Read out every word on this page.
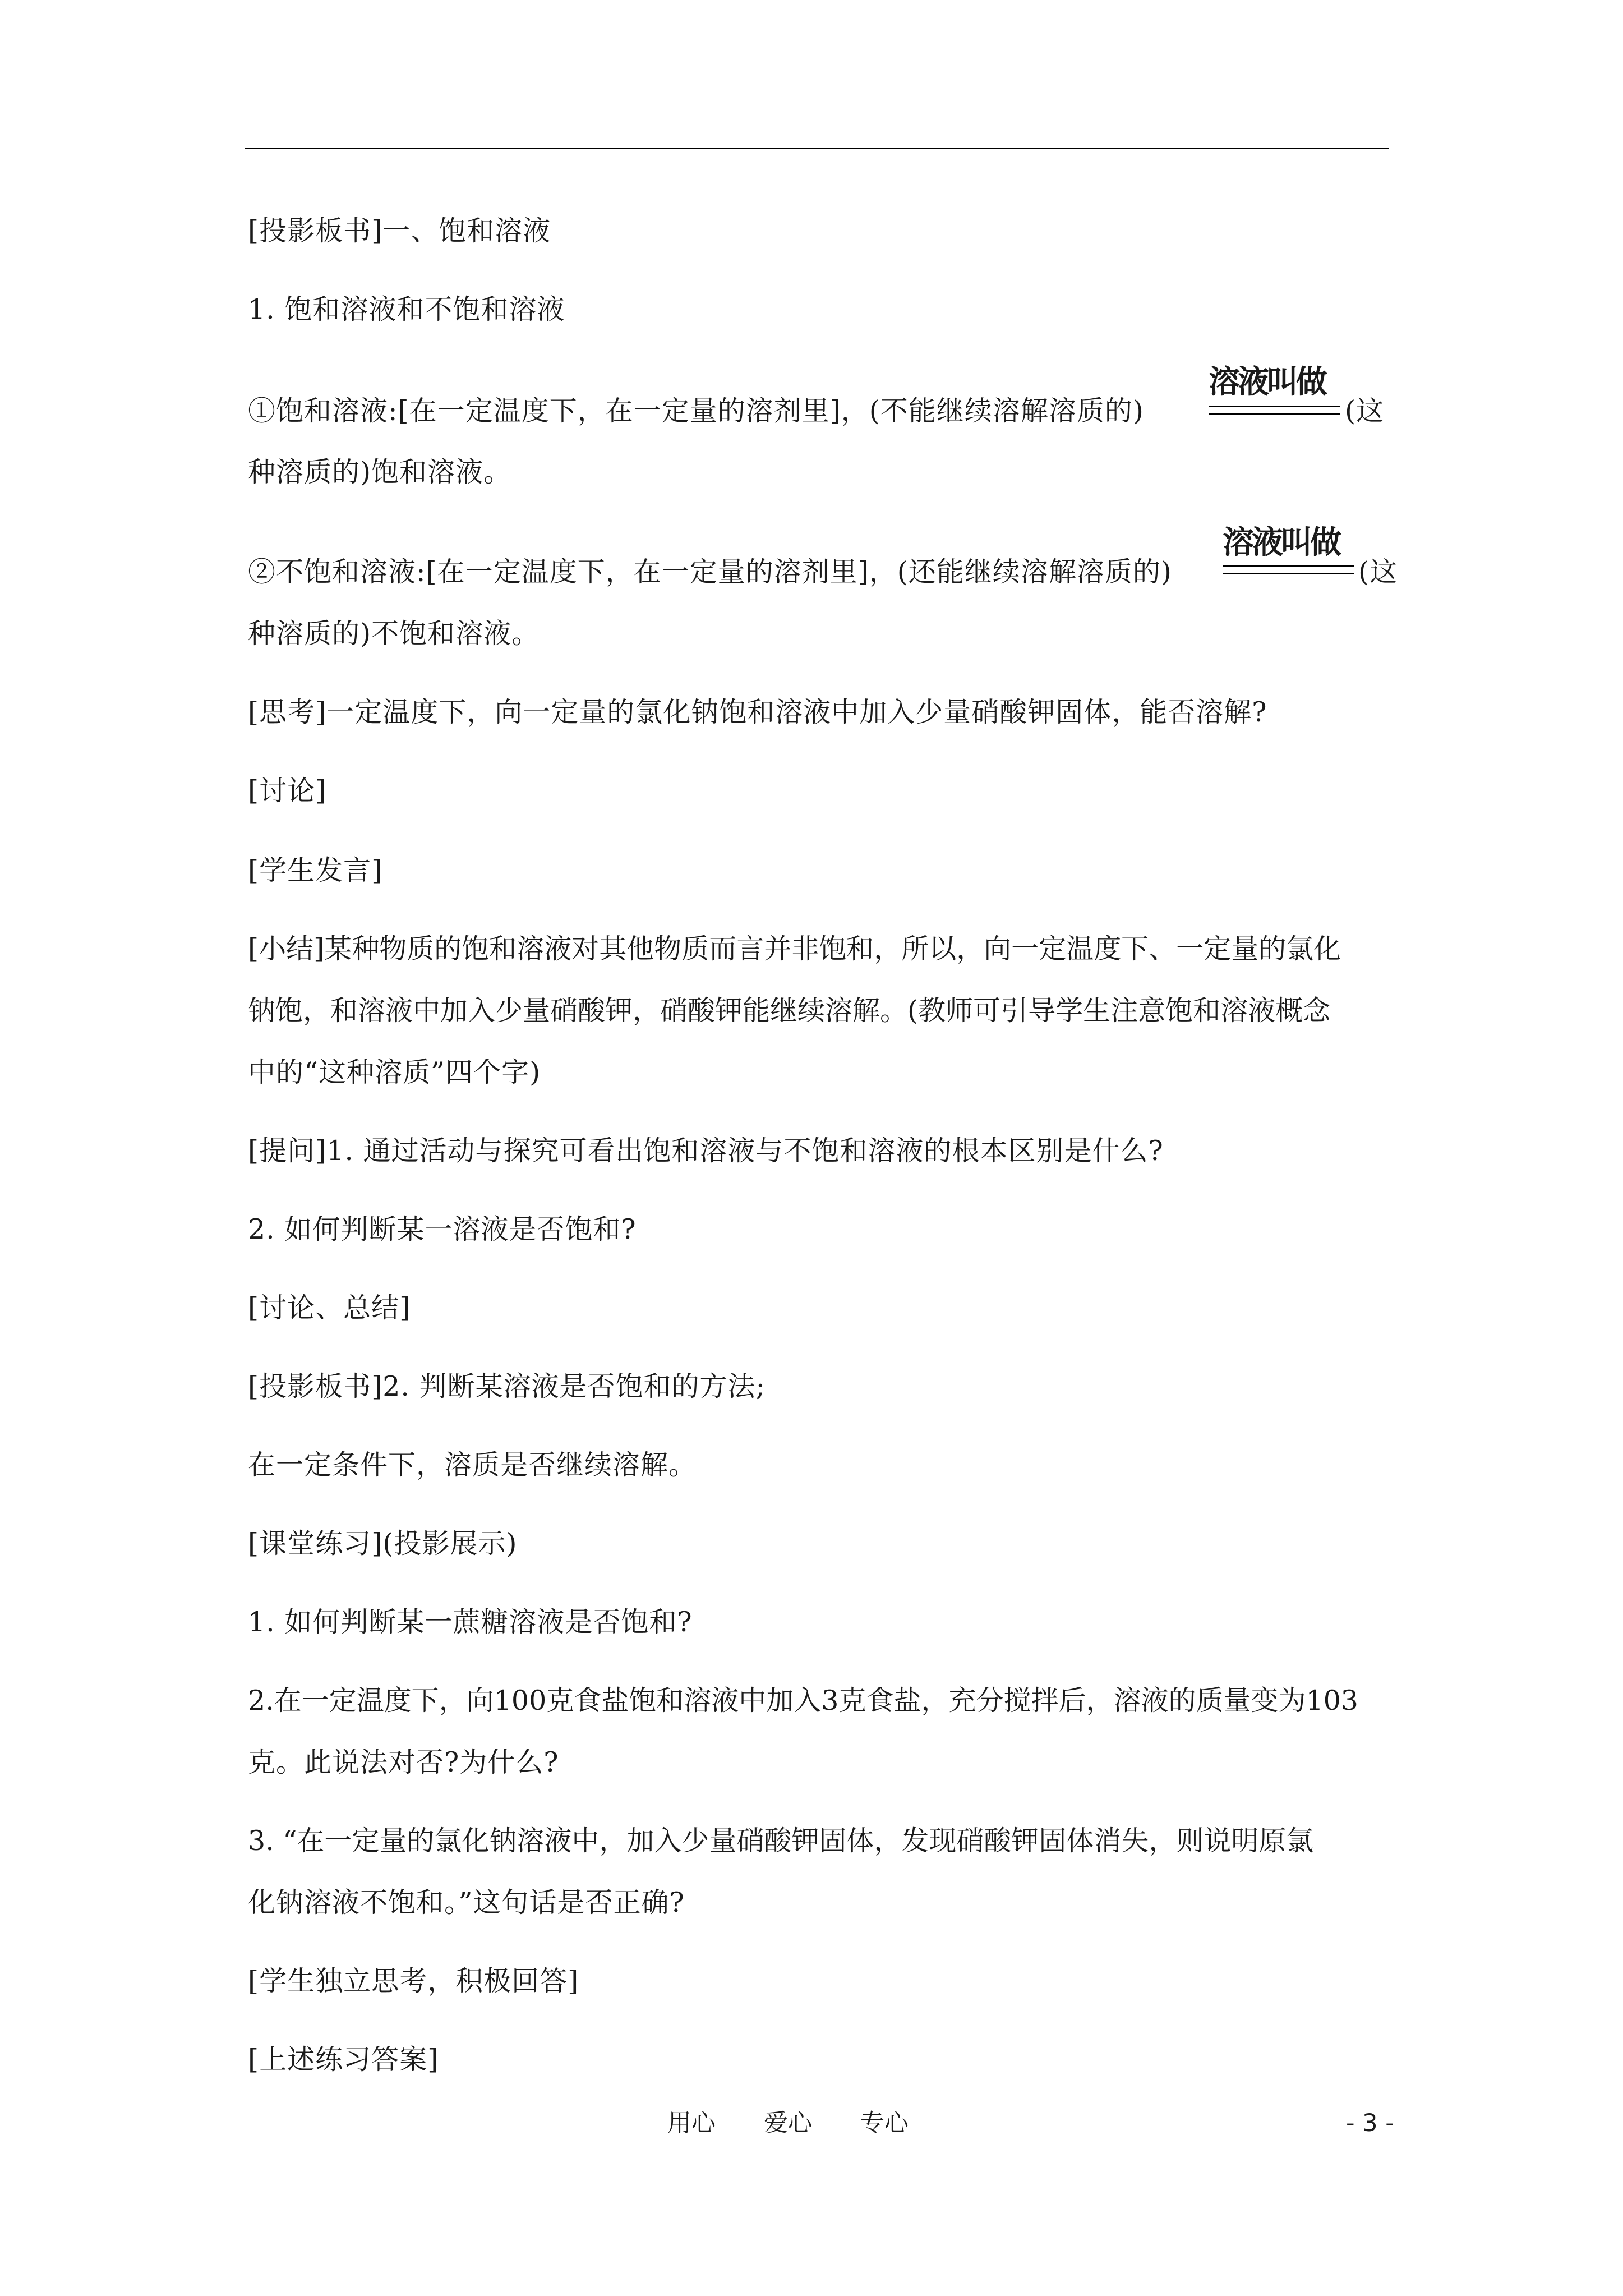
[投影板书]一、饱和溶液
1. 饱和溶液和不饱和溶液
①饱和溶液:[在一定温度下，在一定量的溶剂里]，(不能继续溶解溶质的)
溶液叫做
(这
种溶质的)饱和溶液。
②不饱和溶液:[在一定温度下，在一定量的溶剂里]，(还能继续溶解溶质的)
溶液叫做
(这
种溶质的)不饱和溶液。
[思考]一定温度下，向一定量的氯化钠饱和溶液中加入少量硝酸钾固体，能否溶解?
[讨论]
[学生发言]
[小结]某种物质的饱和溶液对其他物质而言并非饱和，所以，向一定温度下、一定量的氯化
钠饱，和溶液中加入少量硝酸钾，硝酸钾能继续溶解。(教师可引导学生注意饱和溶液概念
中的“这种溶质”四个字)
[提问]1. 通过活动与探究可看出饱和溶液与不饱和溶液的根本区别是什么?
2. 如何判断某一溶液是否饱和?
[讨论、总结]
[投影板书]2. 判断某溶液是否饱和的方法;
在一定条件下，溶质是否继续溶解。
[课堂练习](投影展示)
1. 如何判断某一蔗糖溶液是否饱和?
2.在一定温度下，向100克食盐饱和溶液中加入3克食盐，充分搅拌后，溶液的质量变为103
克。此说法对否?为什么?
3. “在一定量的氯化钠溶液中，加入少量硝酸钾固体，发现硝酸钾固体消失，则说明原氯
化钠溶液不饱和。”这句话是否正确?
[学生独立思考，积极回答]
[上述练习答案]
用心　　爱心　　专心	- 3 -
